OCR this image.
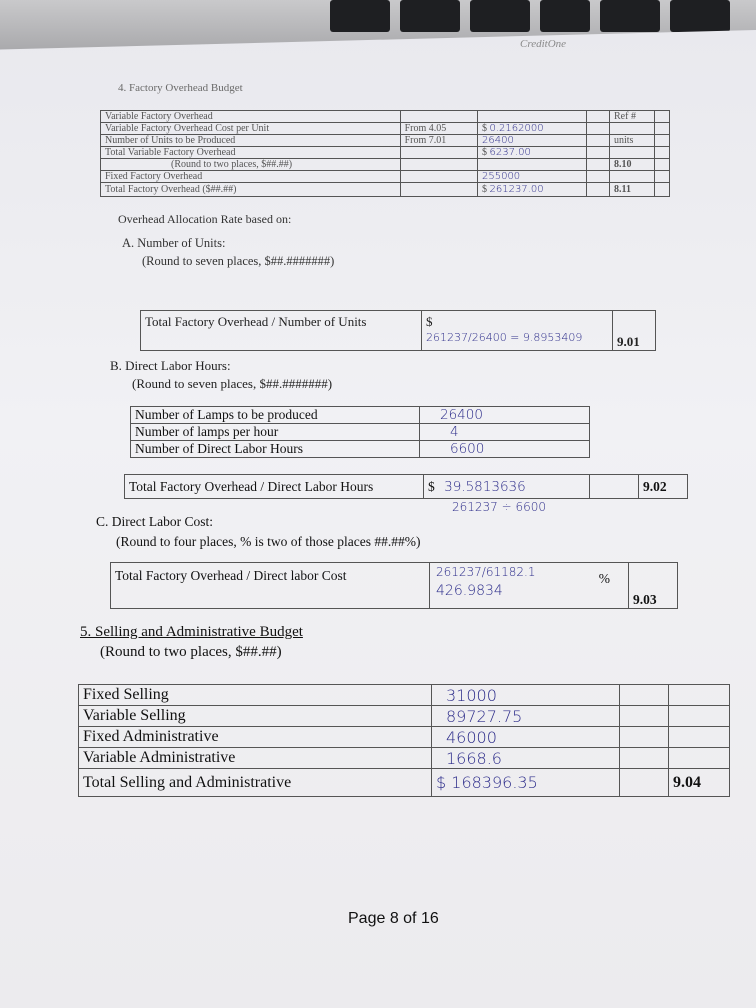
CreditOne
4. Factory Overhead Budget
Variable Factory Overhead				Ref #	
Variable Factory Overhead Cost per Unit	From 4.05	$ 0.2162000			
Number of Units to be Produced	From 7.01	26400		units	
Total Variable Factory Overhead		$ 6237.00			
(Round to two places, $##.##)				8.10	
Fixed Factory Overhead		255000			
Total Factory Overhead ($##.##)		$ 261237.00		8.11	
Overhead Allocation Rate based on:
A. Number of Units:
(Round to seven places, $##.#######)
Total Factory Overhead / Number of Units	$
261237/26400 = 9.8953409	9.01
B. Direct Labor Hours:
(Round to seven places, $##.#######)
Number of Lamps to be produced	26400
Number of lamps per hour	4
Number of Direct Labor Hours	6600
Total Factory Overhead / Direct Labor Hours	$ 39.5813636		9.02
261237 ÷ 6600
C. Direct Labor Cost:
(Round to four places, % is two of those places ##.##%)
Total Factory Overhead / Direct labor Cost	261237/61182.1
426.9834
%
	9.03
5. Selling and Administrative Budget
(Round to two places, $##.##)
Fixed Selling	31000		
Variable Selling	89727.75		
Fixed Administrative	46000		
Variable Administrative	1668.6		
Total Selling and Administrative	$ 168396.35		9.04
Page 8 of 16
